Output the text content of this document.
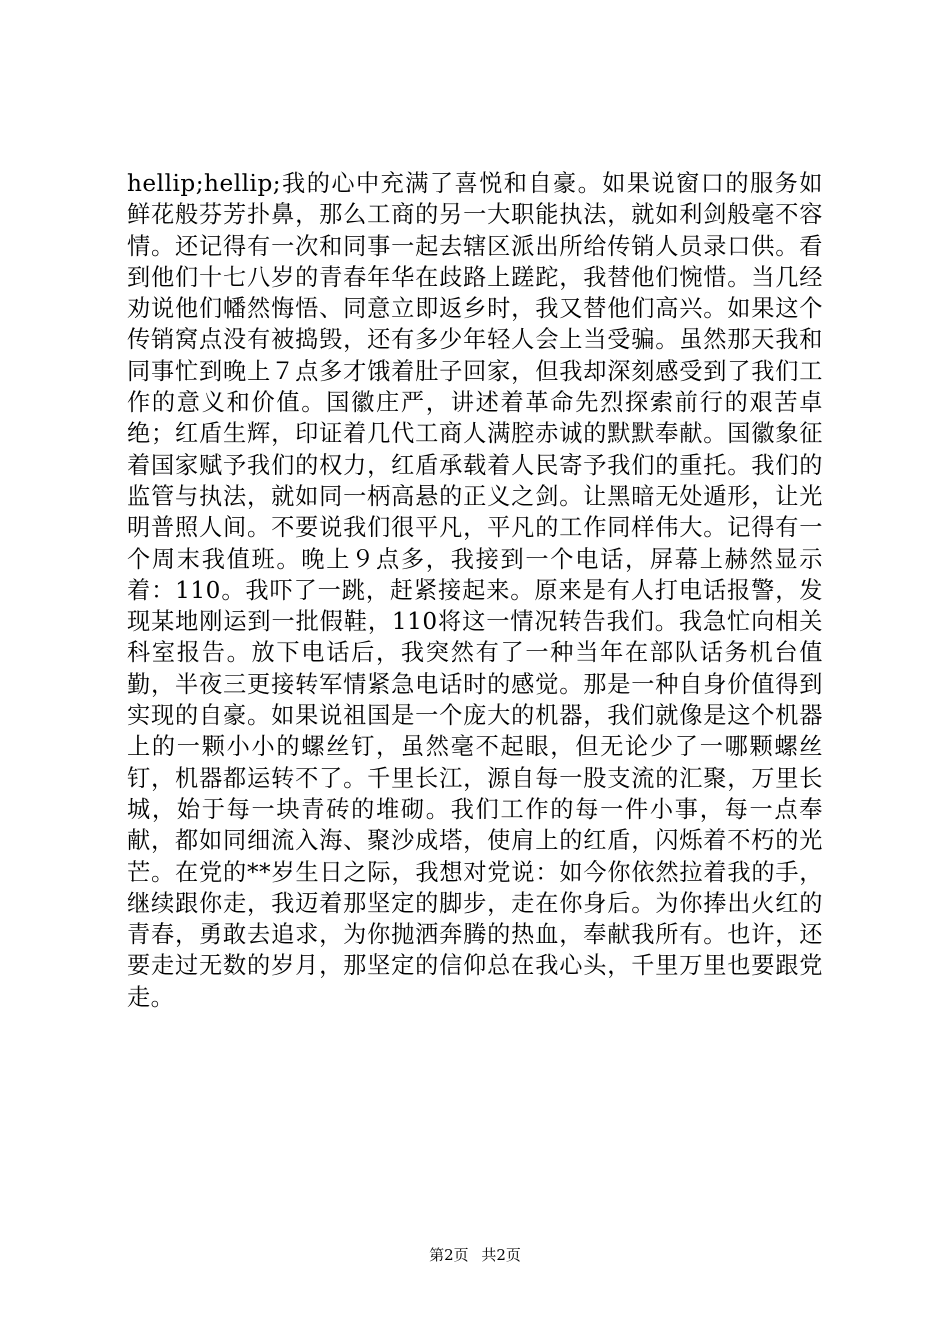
hellip;hellip;我的心中充满了喜悦和自豪。如果说窗口的服务如鲜花般芬芳扑鼻，那么工商的另一大职能执法，就如利剑般毫不容情。还记得有一次和同事一起去辖区派出所给传销人员录口供。看到他们十七八岁的青春年华在歧路上蹉跎，我替他们惋惜。当几经劝说他们幡然悔悟、同意立即返乡时，我又替他们高兴。如果这个传销窝点没有被捣毁，还有多少年轻人会上当受骗。虽然那天我和同事忙到晚上７点多才饿着肚子回家，但我却深刻感受到了我们工作的意义和价值。国徽庄严，讲述着革命先烈探索前行的艰苦卓绝；红盾生辉，印证着几代工商人满腔赤诚的默默奉献。国徽象征着国家赋予我们的权力，红盾承载着人民寄予我们的重托。我们的监管与执法，就如同一柄高悬的正义之剑。让黑暗无处遁形，让光明普照人间。不要说我们很平凡，平凡的工作同样伟大。记得有一个周末我值班。晚上９点多，我接到一个电话，屏幕上赫然显示着：110。我吓了一跳，赶紧接起来。原来是有人打电话报警，发现某地刚运到一批假鞋，110将这一情况转告我们。我急忙向相关科室报告。放下电话后，我突然有了一种当年在部队话务机台值勤，半夜三更接转军情紧急电话时的感觉。那是一种自身价值得到实现的自豪。如果说祖国是一个庞大的机器，我们就像是这个机器上的一颗小小的螺丝钉，虽然毫不起眼，但无论少了一哪颗螺丝钉，机器都运转不了。千里长江，源自每一股支流的汇聚，万里长城，始于每一块青砖的堆砌。我们工作的每一件小事，每一点奉献，都如同细流入海、聚沙成塔，使肩上的红盾，闪烁着不朽的光芒。在党的**岁生日之际，我想对党说：如今你依然拉着我的手，继续跟你走，我迈着那坚定的脚步，走在你身后。为你捧出火红的青春，勇敢去追求，为你抛洒奔腾的热血，奉献我所有。也许，还要走过无数的岁月，那坚定的信仰总在我心头，千里万里也要跟党走。

第2页 共2页
